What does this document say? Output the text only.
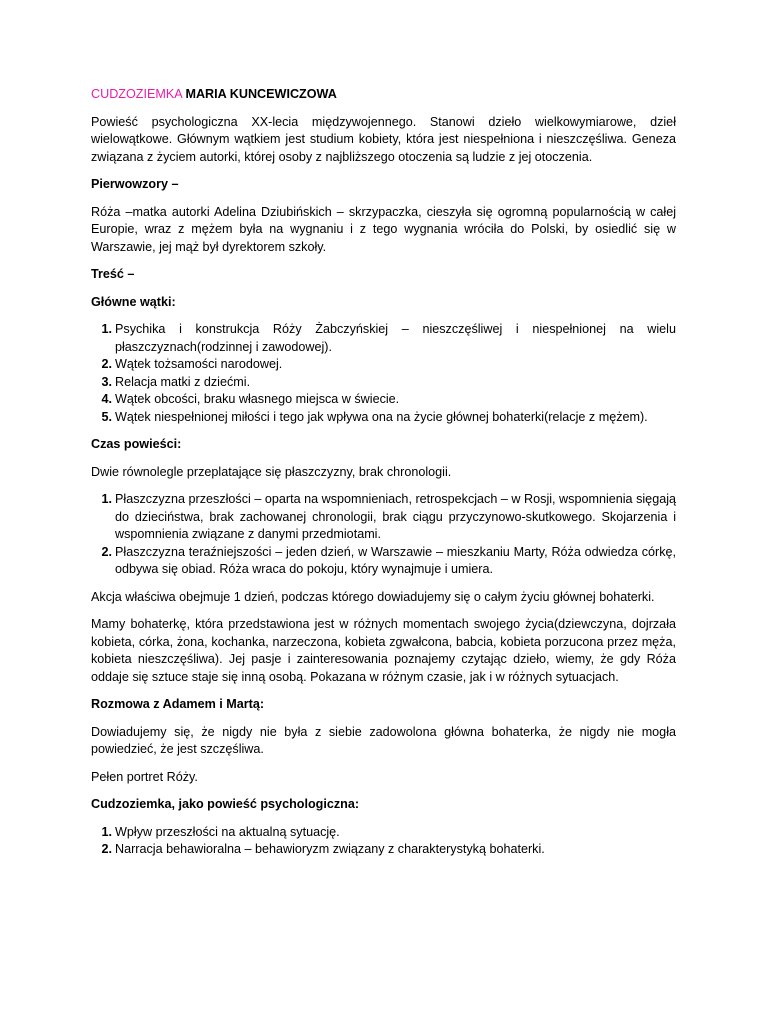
CUDZOZIEMKA MARIA KUNCEWICZOWA

Powieść psychologiczna XX-lecia międzywojennego. Stanowi dzieło wielkowymiarowe, dzieł wielowątkowe. Głównym wątkiem jest studium kobiety, która jest niespełniona i nieszczęśliwa. Geneza związana z życiem autorki, której osoby z najbliższego otoczenia są ludzie z jej otoczenia.

Pierwowzory –

Róża –matka autorki Adelina Dziubińskich – skrzypaczka, cieszyła się ogromną popularnością w całej Europie, wraz z mężem była na wygnaniu i z tego wygnania wróciła do Polski, by osiedlić się w Warszawie, jej mąż był dyrektorem szkoły.

Treść –

Główne wątki:

1. Psychika i konstrukcja Róży Żabczyńskiej – nieszczęśliwej i niespełnionej na wielu płaszczyznach(rodzinnej i zawodowej).
2. Wątek tożsamości narodowej.
3. Relacja matki z dziećmi.
4. Wątek obcości, braku własnego miejsca w świecie.
5. Wątek niespełnionej miłości i tego jak wpływa ona na życie głównej bohaterki(relacje z mężem).

Czas powieści:

Dwie równolegle przeplatające się płaszczyzny, brak chronologii.

1. Płaszczyzna przeszłości – oparta na wspomnieniach, retrospekcjach – w Rosji, wspomnienia sięgają do dzieciństwa, brak zachowanej chronologii, brak ciągu przyczynowo-skutkowego. Skojarzenia i wspomnienia związane z danymi przedmiotami.
2. Płaszczyzna teraźniejszości – jeden dzień, w Warszawie – mieszkaniu Marty, Róża odwiedza córkę, odbywa się obiad. Róża wraca do pokoju, który wynajmuje i umiera.

Akcja właściwa obejmuje 1 dzień, podczas którego dowiadujemy się o całym życiu głównej bohaterki.

Mamy bohaterkę, która przedstawiona jest w różnych momentach swojego życia(dziewczyna, dojrzała kobieta, córka, żona, kochanka, narzeczona, kobieta zgwałcona, babcia, kobieta porzucona przez męża, kobieta nieszczęśliwa). Jej pasje i zainteresowania poznajemy czytając dzieło, wiemy, że gdy Róża oddaje się sztuce staje się inną osobą. Pokazana w różnym czasie, jak i w różnych sytuacjach.

Rozmowa z Adamem i Martą:

Dowiadujemy się, że nigdy nie była z siebie zadowolona główna bohaterka, że nigdy nie mogła powiedzieć, że jest szczęśliwa.

Pełen portret Róży.

Cudzoziemka, jako powieść psychologiczna:

1. Wpływ przeszłości na aktualną sytuację.
2. Narracja behawioralna – behawioryzm związany z charakterystyką bohaterki.
